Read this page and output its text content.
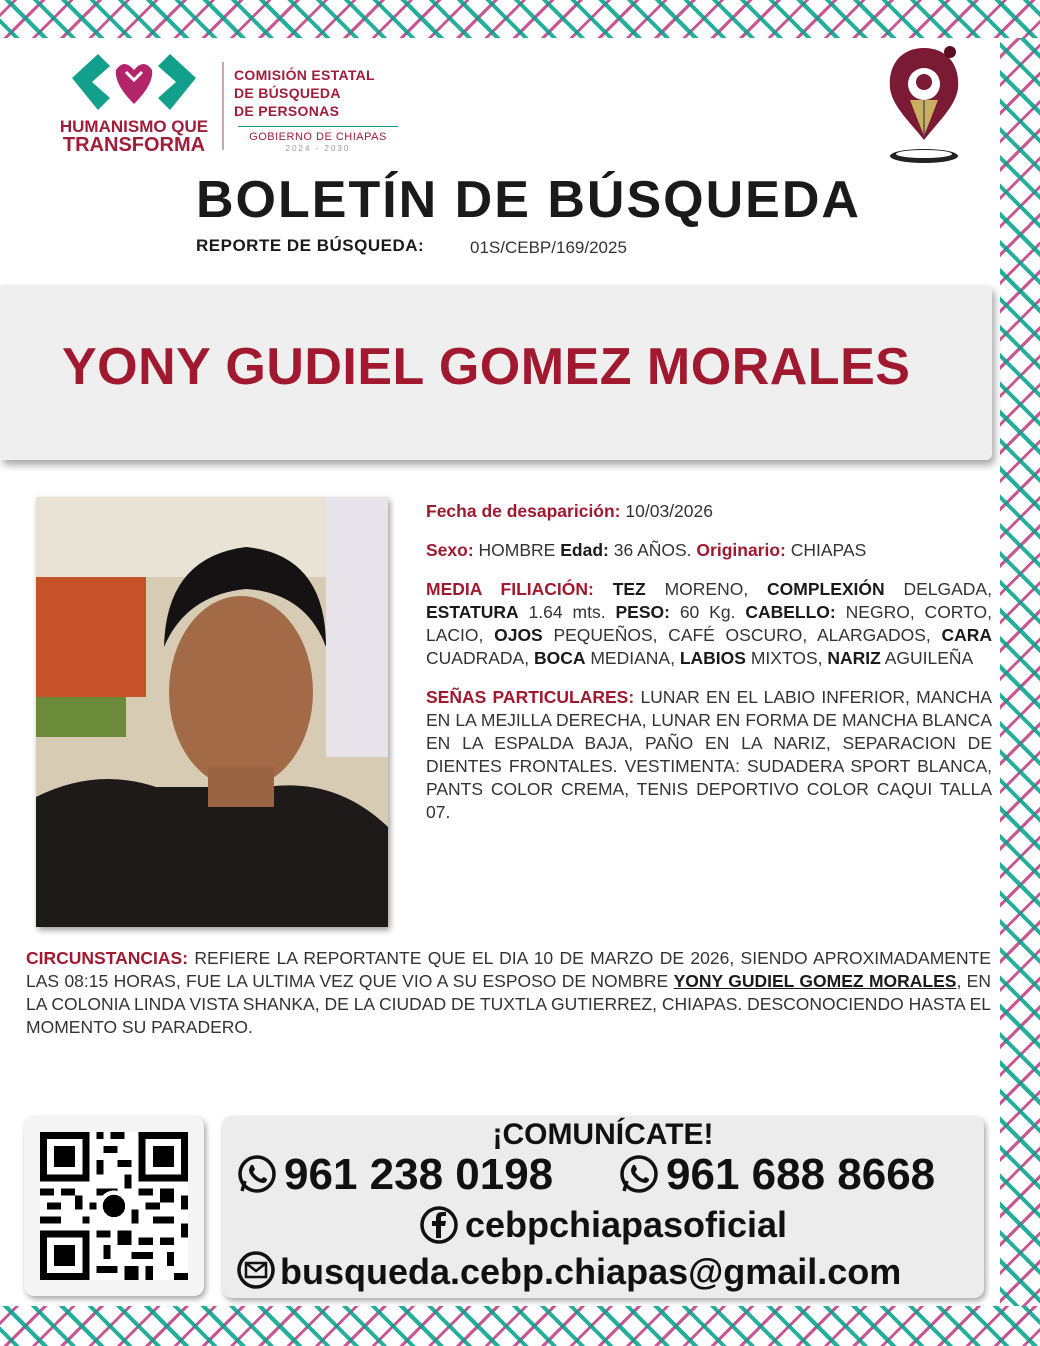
HUMANISMO QUE
TRANSFORMA
COMISIÓN ESTATAL
DE BÚSQUEDA
DE PERSONAS
GOBIERNO DE CHIAPAS
2024 - 2030
BOLETÍN DE BÚSQUEDA
REPORTE DE BÚSQUEDA:	01S/CEBP/169/2025
YONY GUDIEL GOMEZ MORALES

Fecha de desaparición: 10/03/2026

Sexo: HOMBRE Edad: 36 AÑOS. Originario: CHIAPAS

MEDIA FILIACIÓN: TEZ MORENO, COMPLEXIÓN DELGADA, ESTATURA 1.64 mts. PESO: 60 Kg. CABELLO: NEGRO, CORTO, LACIO, OJOS PEQUEÑOS, CAFÉ OSCURO, ALARGADOS, CARA CUADRADA, BOCA MEDIANA, LABIOS MIXTOS, NARIZ AGUILEÑA

SEÑAS PARTICULARES: LUNAR EN EL LABIO INFERIOR, MANCHA EN LA MEJILLA DERECHA, LUNAR EN FORMA DE MANCHA BLANCA EN LA ESPALDA BAJA, PAÑO EN LA NARIZ, SEPARACION DE DIENTES FRONTALES. VESTIMENTA: SUDADERA SPORT BLANCA, PANTS COLOR CREMA, TENIS DEPORTIVO COLOR CAQUI TALLA 07.

CIRCUNSTANCIAS: REFIERE LA REPORTANTE QUE EL DIA 10 DE MARZO DE 2026, SIENDO APROXIMADAMENTE LAS 08:15 HORAS, FUE LA ULTIMA VEZ QUE VIO A SU ESPOSO DE NOMBRE YONY GUDIEL GOMEZ MORALES, EN LA COLONIA LINDA VISTA SHANKA, DE LA CIUDAD DE TUXTLA GUTIERREZ, CHIAPAS. DESCONOCIENDO HASTA EL MOMENTO SU PARADERO.

¡COMUNÍCATE!
961 238 0198	961 688 8668
cebpchiapasoficial
busqueda.cebp.chiapas@gmail.com
